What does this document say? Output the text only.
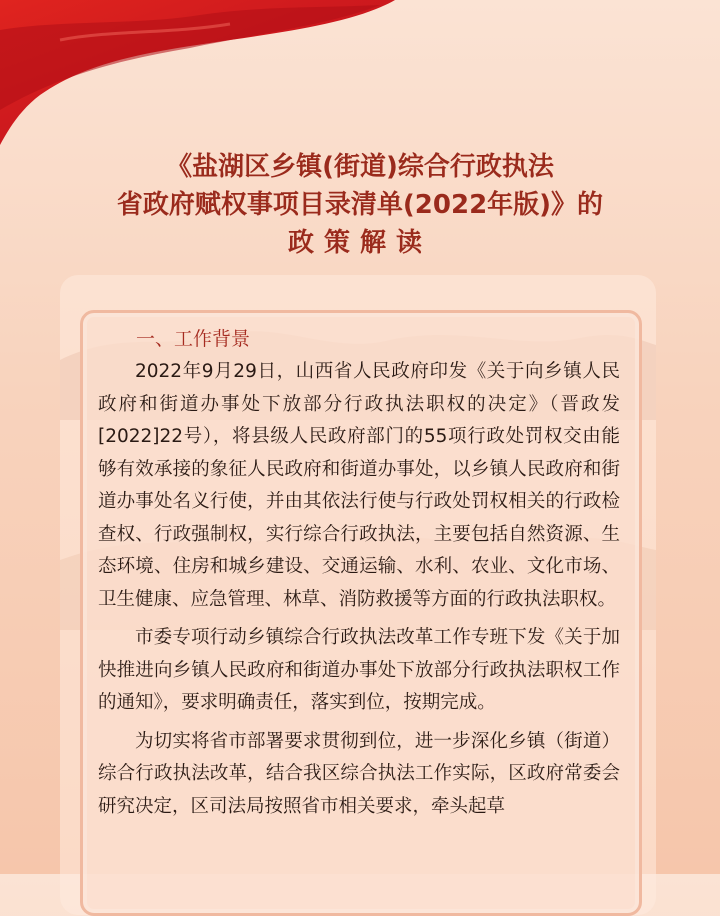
《盐湖区乡镇(街道)综合行政执法
省政府赋权事项目录清单(2022年版)》的
政策解读

一、工作背景

2022年9月29日，山西省人民政府印发《关于向乡镇人民政府和街道办事处下放部分行政执法职权的决定》（晋政发[2022]22号），将县级人民政府部门的55项行政处罚权交由能够有效承接的象征人民政府和街道办事处，以乡镇人民政府和街道办事处名义行使，并由其依法行使与行政处罚权相关的行政检查权、行政强制权，实行综合行政执法，主要包括自然资源、生态环境、住房和城乡建设、交通运输、水利、农业、文化市场、卫生健康、应急管理、林草、消防救援等方面的行政执法职权。

市委专项行动乡镇综合行政执法改革工作专班下发《关于加快推进向乡镇人民政府和街道办事处下放部分行政执法职权工作的通知》，要求明确责任，落实到位，按期完成。

为切实将省市部署要求贯彻到位，进一步深化乡镇（街道）综合行政执法改革，结合我区综合执法工作实际，区政府常委会研究决定，区司法局按照省市相关要求，牵头起草
